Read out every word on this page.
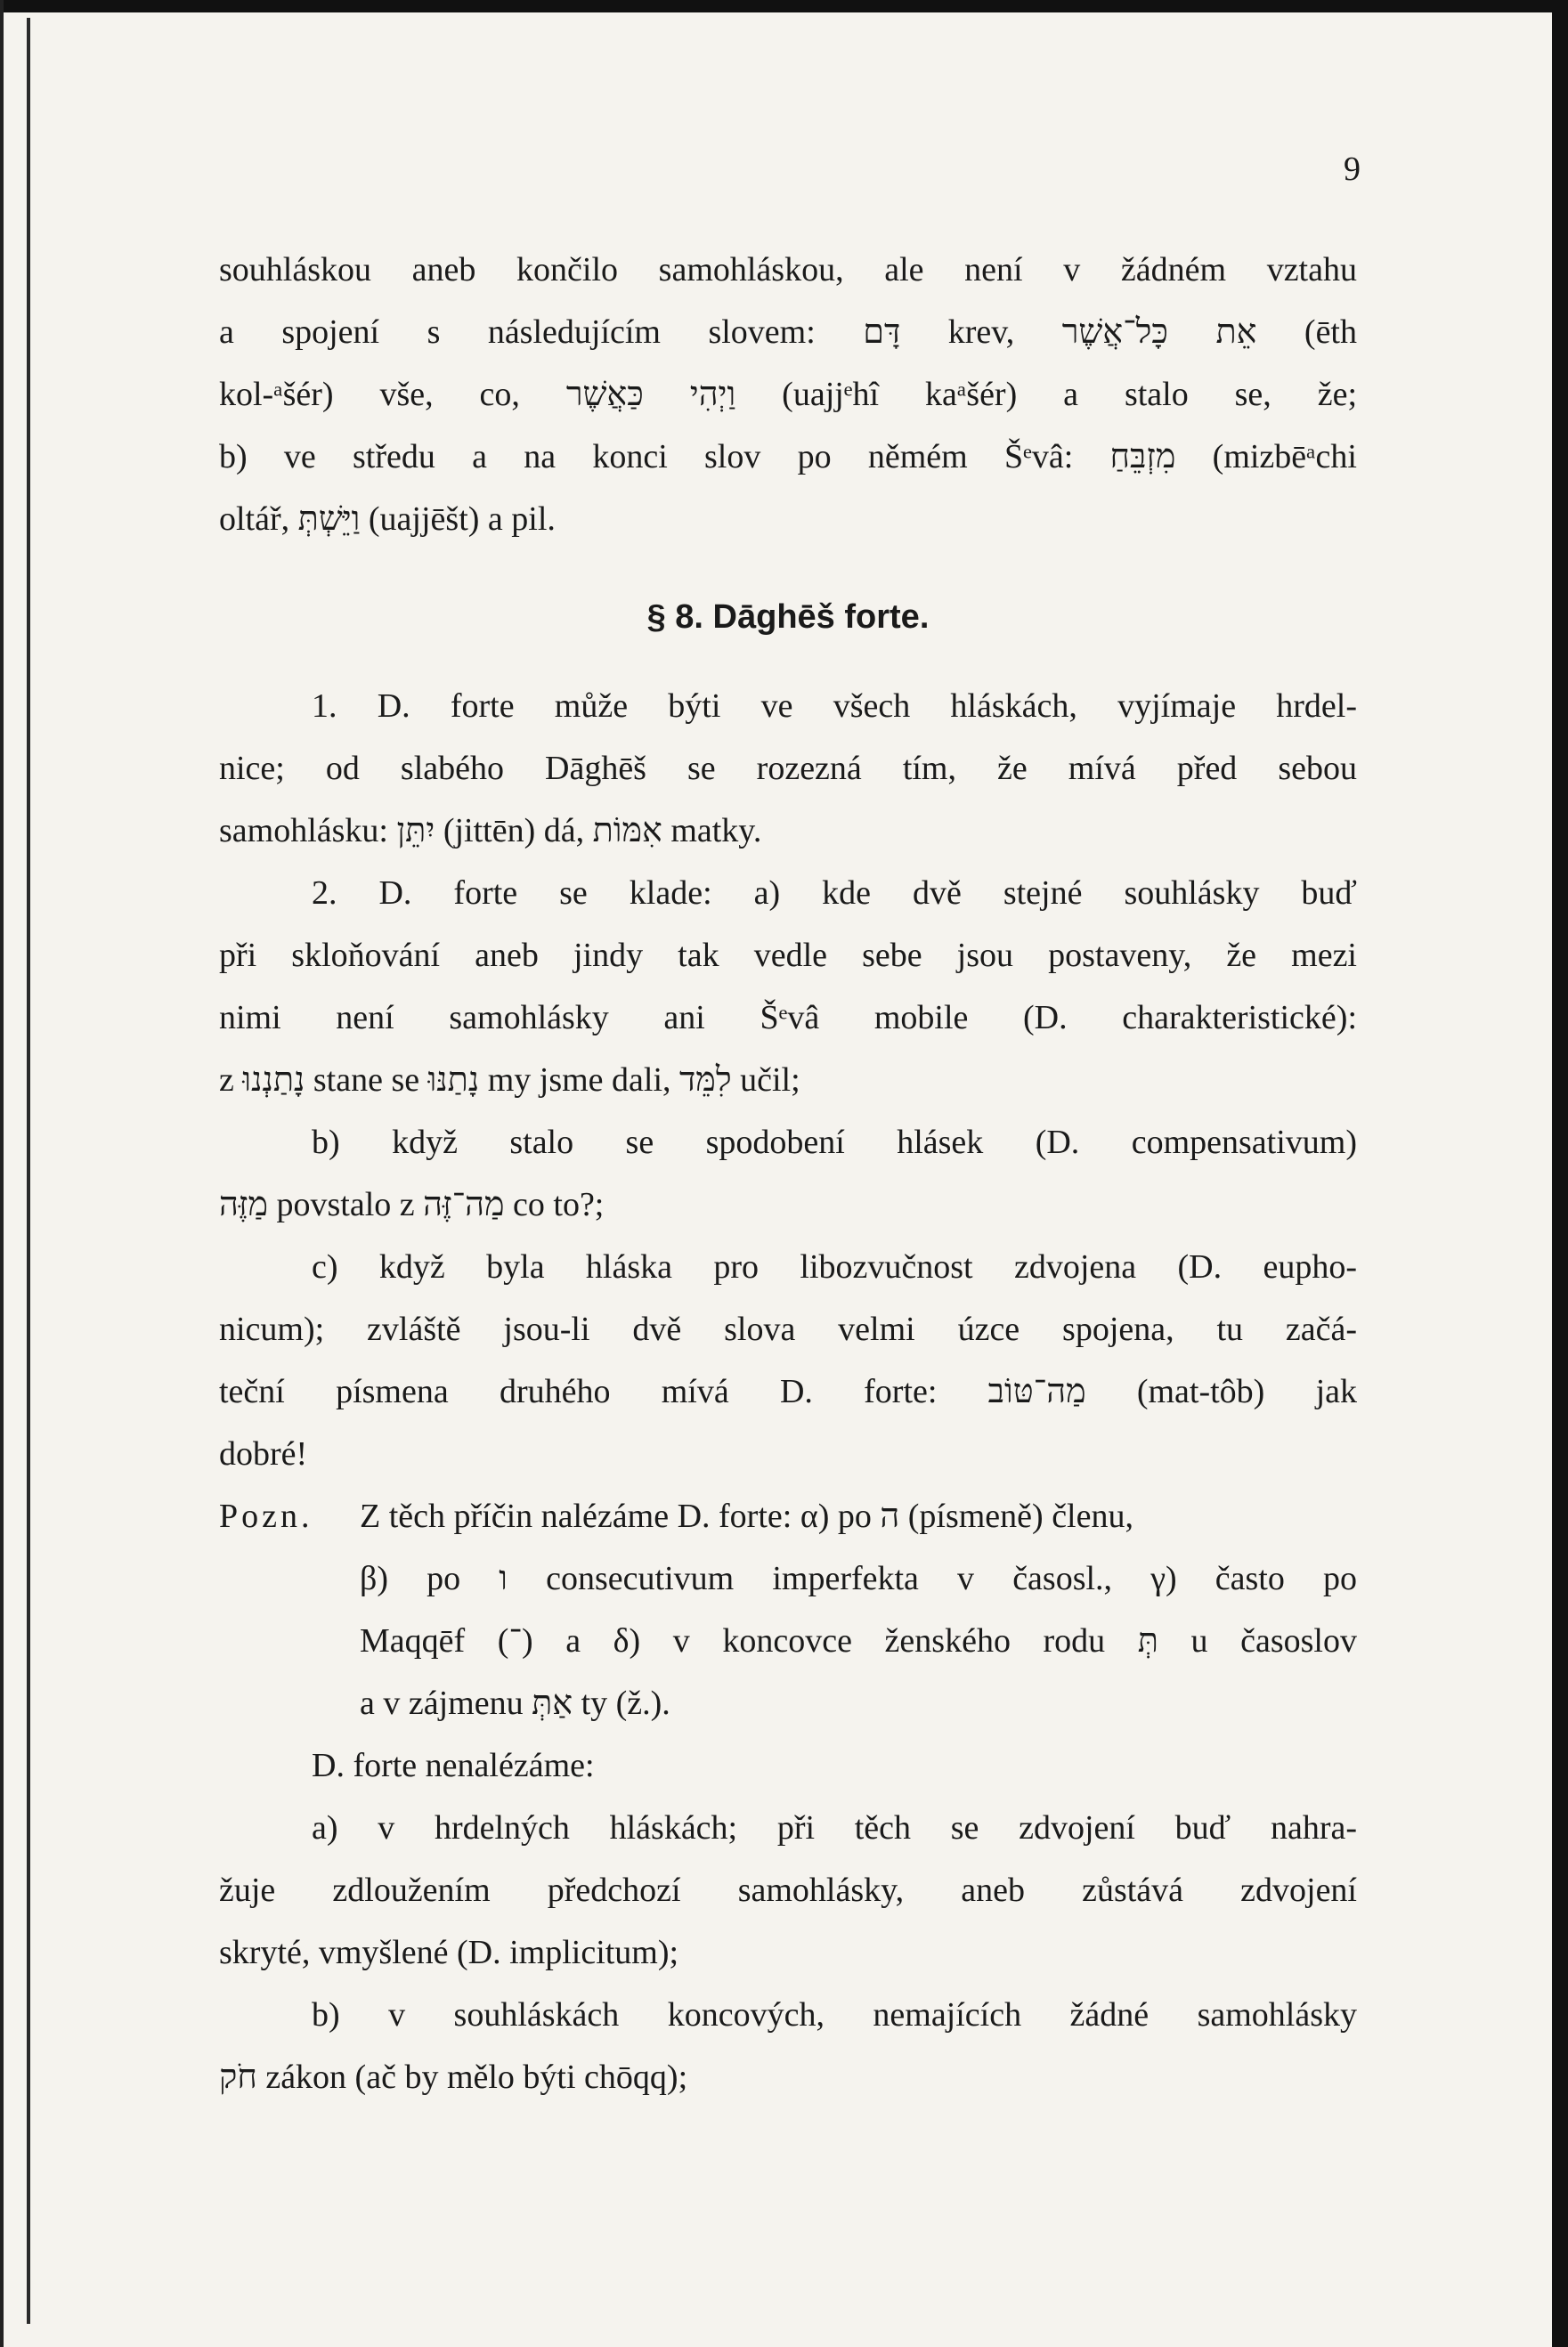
9
souhláskou aneb končilo samohláskou, ale není v žádném vztahu
a spojení s následujícím slovem: דָּם krev, אֵת כָּל־אֲשֶׁר (ēth
kol-ᵃšér) vše, co, וַיְהִי כַּאֲשֶׁר (uajjᵉhî kaᵃšér) a stalo se, že;
b) ve středu a na konci slov po němém Šᵉvâ: מִזְבֵּחַ (mizbēᵃchi
oltář, וַיֵּשְׁתְּ (uajjēšt) a pil.
§ 8. Dāghēš forte.
1. D. forte může býti ve všech hláskách, vyjímaje hrdel-
nice; od slabého Dāghēš se rozezná tím, že mívá před sebou
samohlásku: יִתֵּן (jittēn) dá, אִמּוֹת matky.
2. D. forte se klade: a) kde dvě stejné souhlásky buď
při skloňování aneb jindy tak vedle sebe jsou postaveny, že mezi
nimi není samohlásky ani Šᵉvâ mobile (D. charakteristické):
z נָתַנְנוּ stane se נָתַנּוּ my jsme dali, לִמֵּד učil;
b) když stalo se spodobení hlásek (D. compensativum)
מַזֶּה povstalo z מַה־זֶּה co to?;
c) když byla hláska pro libozvučnost zdvojena (D. eupho-
nicum); zvláště jsou-li dvě slova velmi úzce spojena, tu začá-
teční písmena druhého mívá D. forte: מַה־טּוֹב (mat-tôb) jak
dobré!
Pozn. Z těch příčin nalézáme D. forte: α) po ה (písmeně) členu,
β) po ו consecutivum imperfekta v časosl., γ) často po
Maqqēf (־) a δ) v koncovce ženského rodu תְּ u časoslov
a v zájmenu אַתְּ ty (ž.).
D. forte nenalézáme:
a) v hrdelných hláskách; při těch se zdvojení buď nahra-
žuje zdloužením předchozí samohlásky, aneb zůstává zdvojení
skryté, vmyšlené (D. implicitum);
b) v souhláskách koncových, nemajících žádné samohlásky
חֹק zákon (ač by mělo býti chōqq);
